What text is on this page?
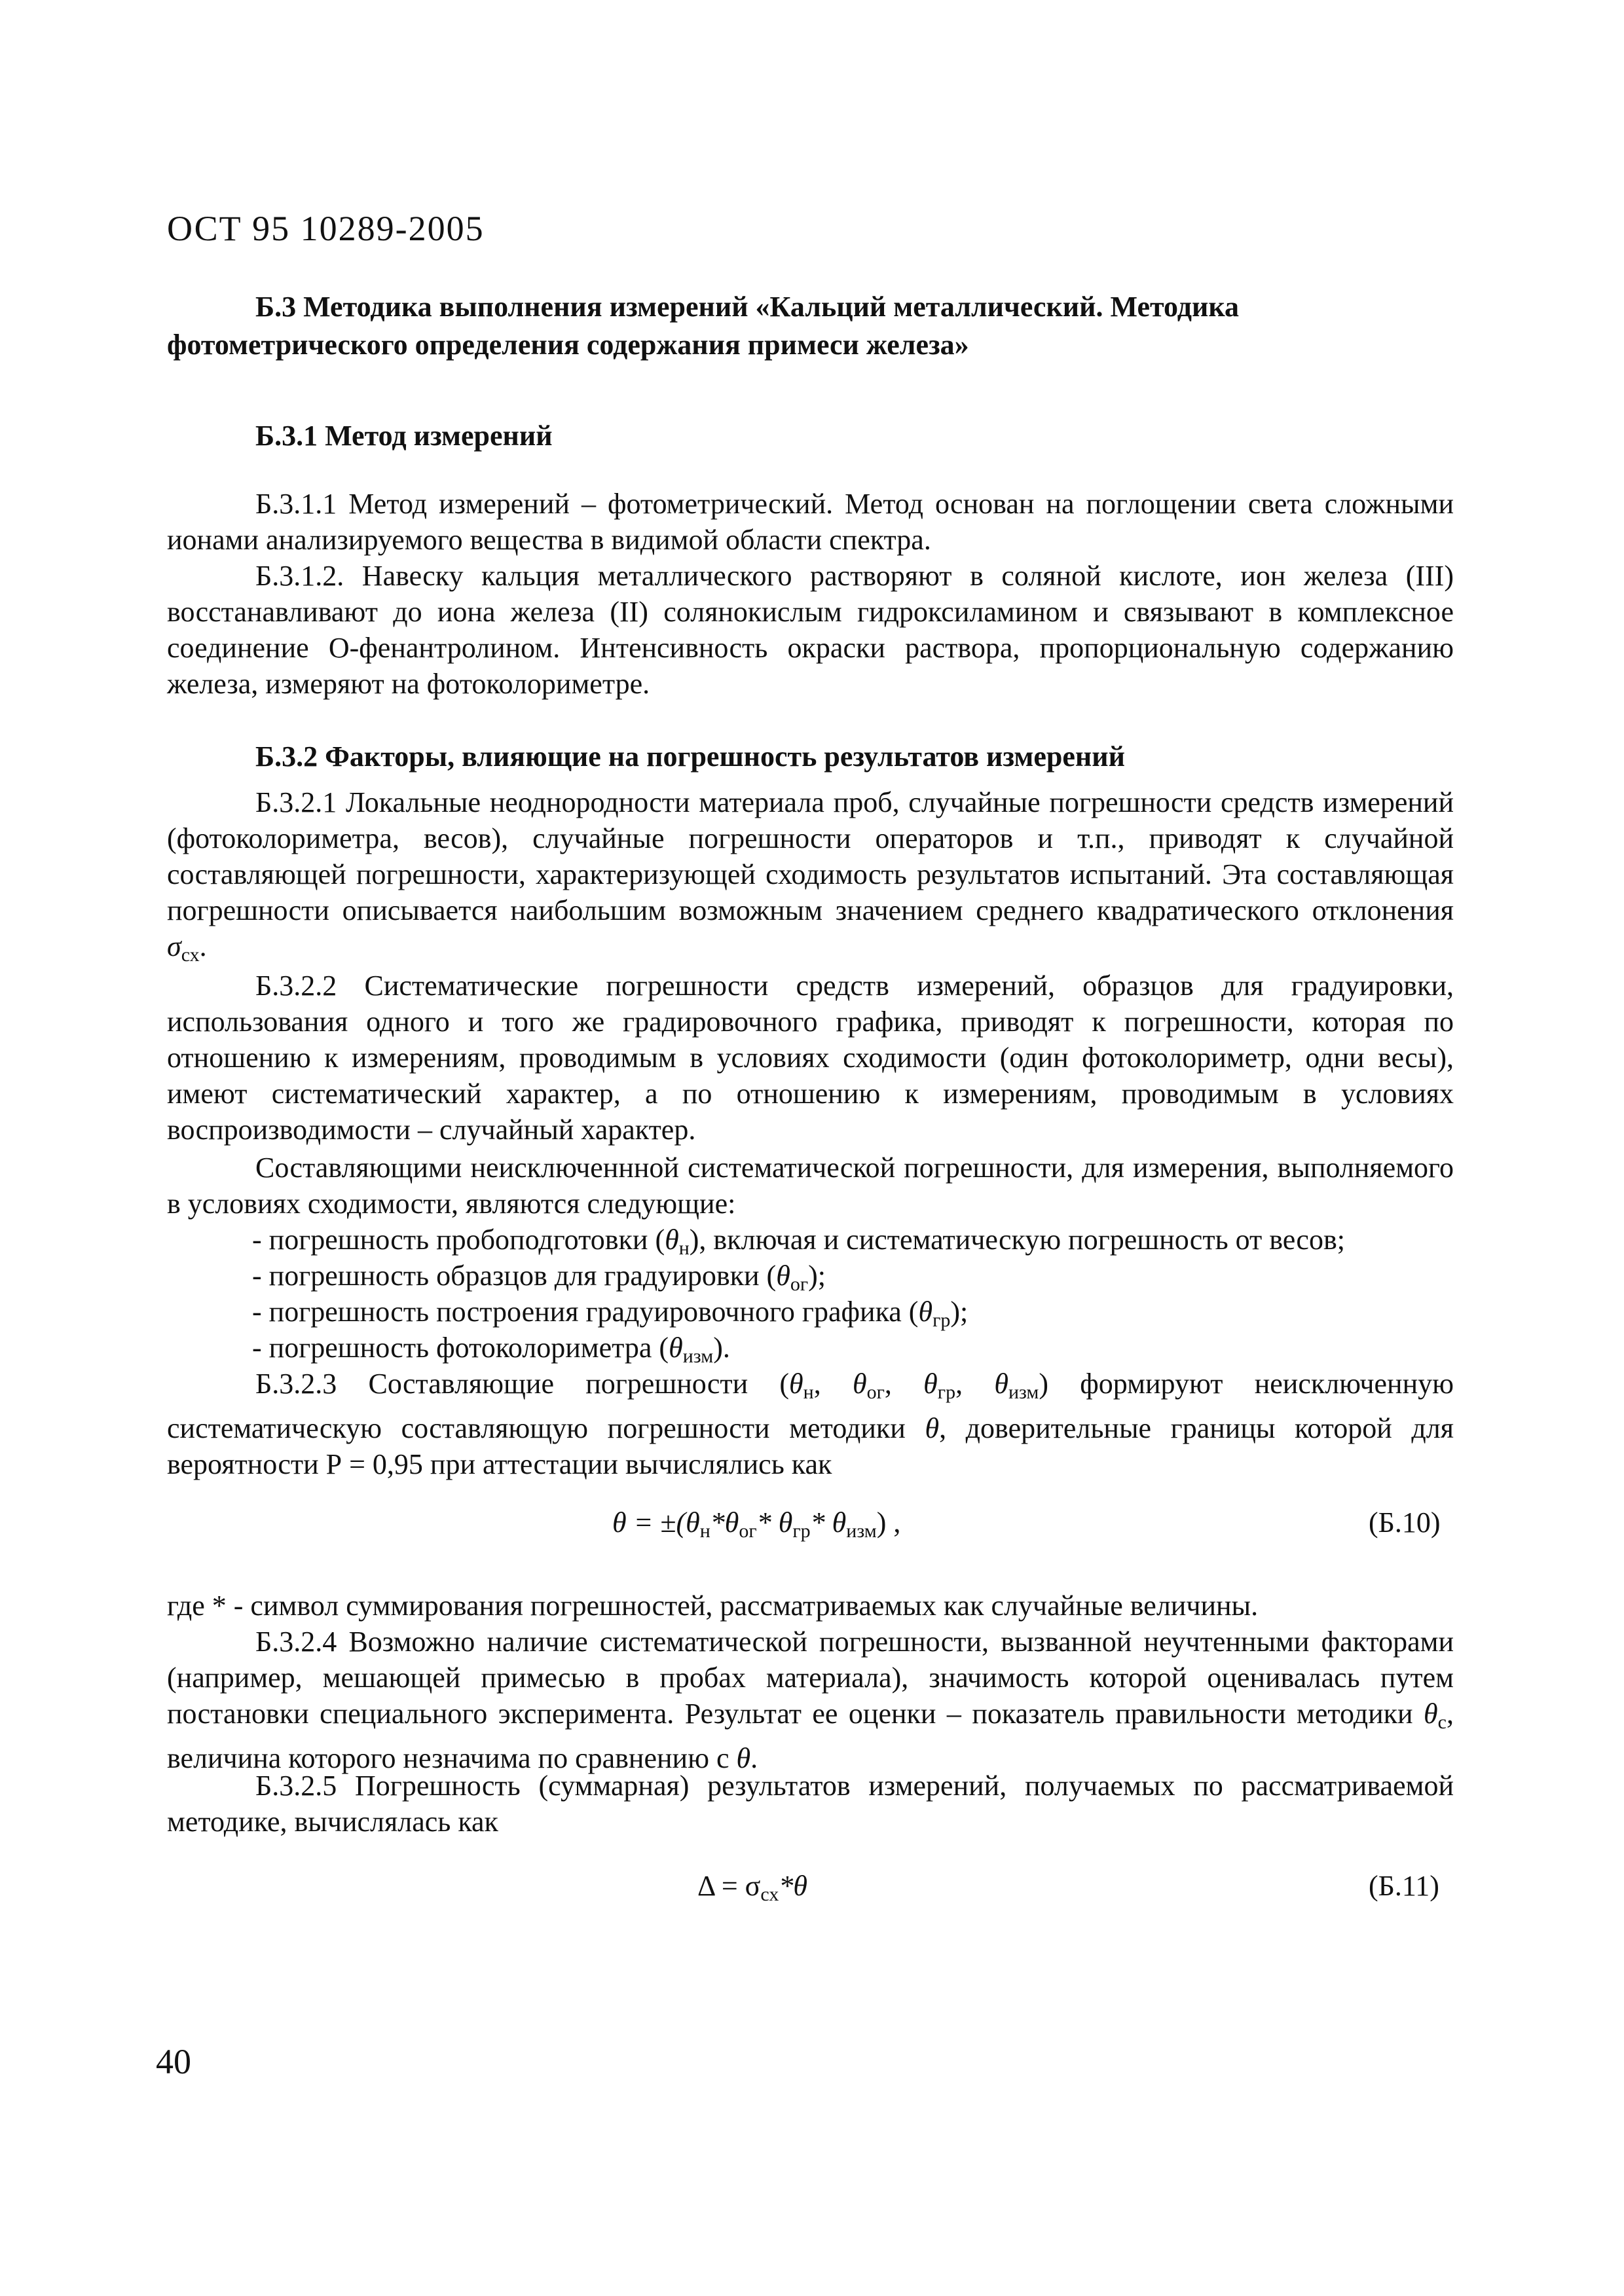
ОСТ 95 10289-2005
Б.3 Методика выполнения измерений «Кальций металлический. Методика
фотометрического определения содержания примеси железа»
Б.3.1 Метод измерений

Б.3.1.1 Метод измерений – фотометрический. Метод основан на поглощении света сложными ионами анализируемого вещества в видимой области спектра.

Б.3.1.2. Навеску кальция металлического растворяют в соляной кислоте, ион железа (III) восстанавливают до иона железа (II) солянокислым гидроксиламином и связывают в комплексное соединение О-фенантролином. Интенсивность окраски раствора, пропорциональную содержанию железа, измеряют на фотоколориметре.

Б.3.2 Факторы, влияющие на погрешность результатов измерений

Б.3.2.1 Локальные неоднородности материала проб, случайные погрешности средств измерений (фотоколориметра, весов), случайные погрешности операторов и т.п., приводят к случайной составляющей погрешности, характеризующей сходимость результатов испытаний. Эта составляющая погрешности описывается наибольшим возможным значением среднего квадратического отклонения $\sigma_{сх}$.

Б.3.2.2 Систематические погрешности средств измерений, образцов для градуировки, использования одного и того же градировочного графика, приводят к погрешности, которая по отношению к измерениям, проводимым в условиях сходимости (один фотоколориметр, одни весы), имеют систематический характер, а по отношению к измерениям, проводимым в условиях воспроизводимости – случайный характер.

Составляющими неисключеннной систематической погрешности, для измерения, выполняемого в условиях сходимости, являются следующие:

- погрешность пробоподготовки $(\theta_н)$, включая и систематическую погрешность от весов;
- погрешность образцов для градуировки $(\theta_{ог})$;
- погрешность построения градуировочного графика $(\theta_{гр})$;
- погрешность фотоколориметра $(\theta_{изм})$.

Б.3.2.3 Составляющие погрешности ($\theta_н$, $\theta_{ог}$, $\theta_{гр}$, $\theta_{изм}$) формируют неисключенную систематическую составляющую погрешности методики θ, доверительные границы которой для вероятности Р = 0,95 при аттестации вычислялись как

$\theta = \pm(\theta_н*\theta_{ог}*$ $\theta_{гр}*$ $\theta_{изм}$) ,	(Б.10)

где * - символ суммирования погрешностей, рассматриваемых как случайные величины.

Б.3.2.4 Возможно наличие систематической погрешности, вызванной неучтенными факторами (например, мешающей примесью в пробах материала), значимость которой оценивалась путем постановки специального эксперимента. Результат ее оценки – показатель правильности методики $\theta_с$, величина которого незначима по сравнению с θ.

Б.3.2.5 Погрешность (суммарная) результатов измерений, получаемых по рассматриваемой методике, вычислялась как

$\Delta = \sigma_{сх}*\theta$	(Б.11)
40
